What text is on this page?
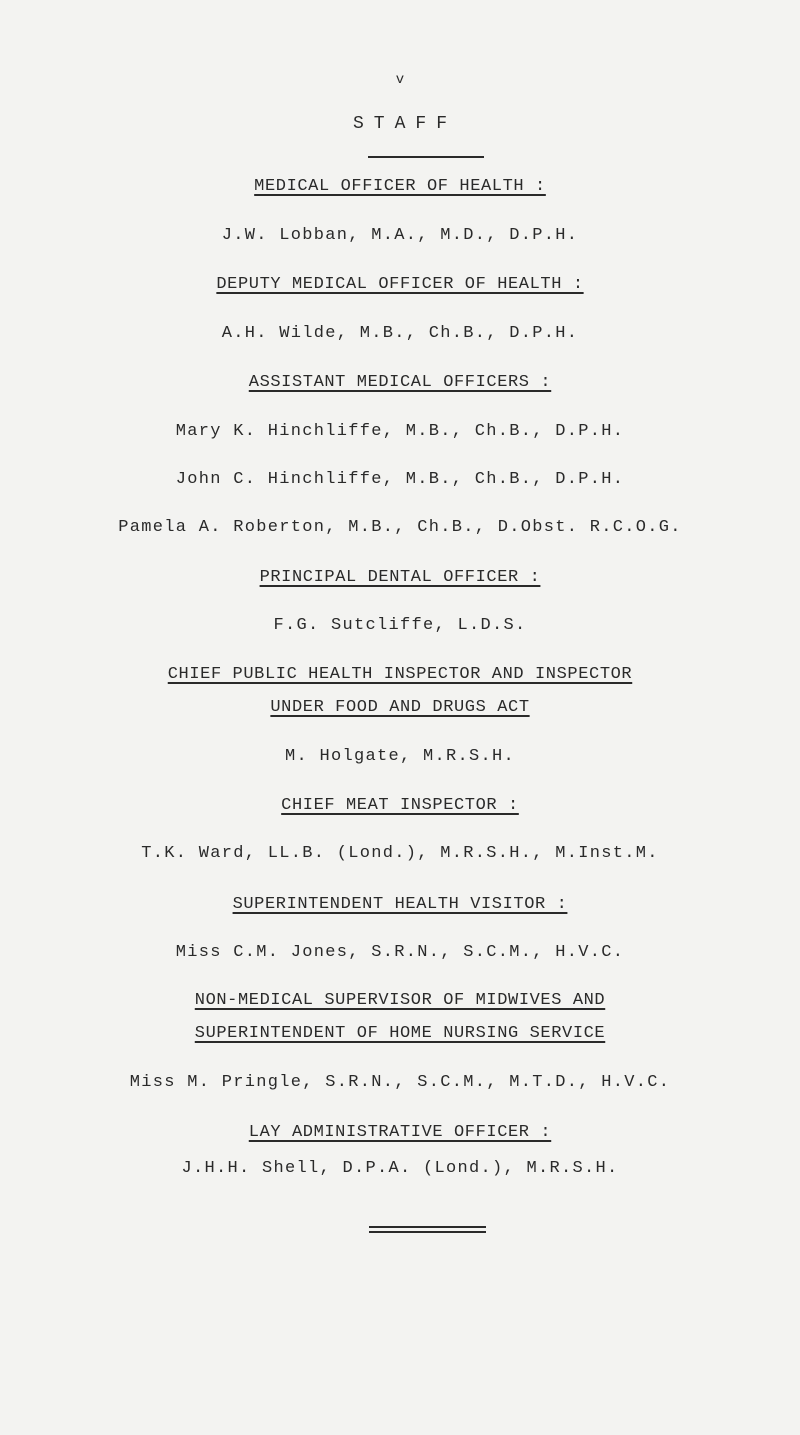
v
STAFF
MEDICAL OFFICER OF HEALTH :
J.W. Lobban, M.A., M.D., D.P.H.
DEPUTY MEDICAL OFFICER OF HEALTH :
A.H. Wilde, M.B., Ch.B., D.P.H.
ASSISTANT MEDICAL OFFICERS :
Mary K. Hinchliffe, M.B., Ch.B., D.P.H.
John C. Hinchliffe, M.B., Ch.B., D.P.H.
Pamela A. Roberton, M.B., Ch.B., D.Obst. R.C.O.G.
PRINCIPAL DENTAL OFFICER :
F.G. Sutcliffe, L.D.S.
CHIEF PUBLIC HEALTH INSPECTOR AND INSPECTOR
UNDER FOOD AND DRUGS ACT
M. Holgate, M.R.S.H.
CHIEF MEAT INSPECTOR :
T.K. Ward, LL.B. (Lond.), M.R.S.H., M.Inst.M.
SUPERINTENDENT HEALTH VISITOR :
Miss C.M. Jones, S.R.N., S.C.M., H.V.C.
NON-MEDICAL SUPERVISOR OF MIDWIVES AND
SUPERINTENDENT OF HOME NURSING SERVICE
Miss M. Pringle, S.R.N., S.C.M., M.T.D., H.V.C.
LAY ADMINISTRATIVE OFFICER :
J.H.H. Shell, D.P.A. (Lond.), M.R.S.H.
